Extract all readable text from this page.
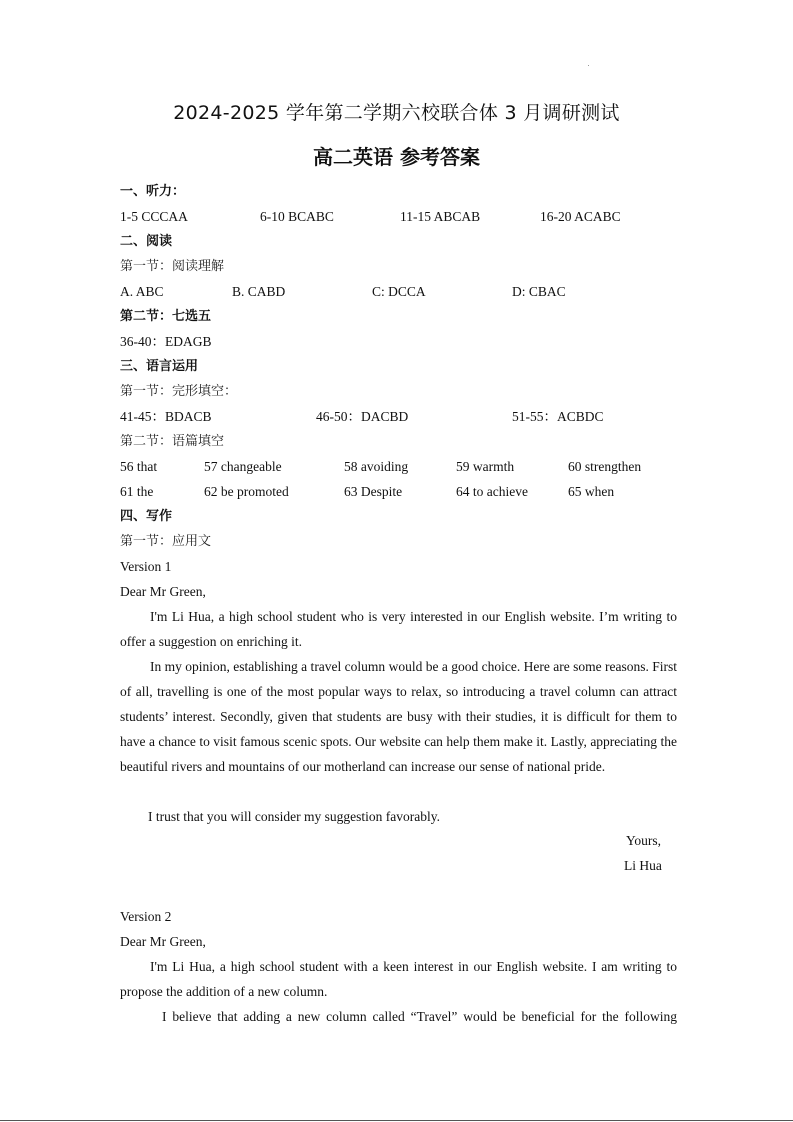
2024-2025 学年第二学期六校联合体 3 月调研测试
高二英语 参考答案
一、听力：
1-5 CCCAA	6-10 BCABC	11-15 ABCAB	16-20 ACABC
二、阅读
第一节：阅读理解
A. ABC	B. CABD	C: DCCA	D: CBAC
第二节：七选五
36-40：EDAGB
三、语言运用
第一节：完形填空：
41-45：BDACB	46-50：DACBD	51-55：ACBDC
第二节：语篇填空
56 that	57 changeable	58 avoiding	59 warmth	60 strengthen
61 the	62 be promoted	63 Despite	64 to achieve	65 when
四、写作
第一节：应用文
Version 1
Dear Mr Green,
I'm Li Hua, a high school student who is very interested in our English website. I’m writing to offer a suggestion on enriching it.
In my opinion, establishing a travel column would be a good choice. Here are some reasons. First of all, travelling is one of the most popular ways to relax, so introducing a travel column can attract students’ interest. Secondly, given that students are busy with their studies, it is difficult for them to have a chance to visit famous scenic spots. Our website can help them make it. Lastly, appreciating the beautiful rivers and mountains of our motherland can increase our sense of national pride.
I trust that you will consider my suggestion favorably.
Yours,
Li Hua
Version 2
Dear Mr Green,
I'm Li Hua, a high school student with a keen interest in our English website. I am writing to propose the addition of a new column.
I believe that adding a new column called “Travel” would be beneficial for the following
